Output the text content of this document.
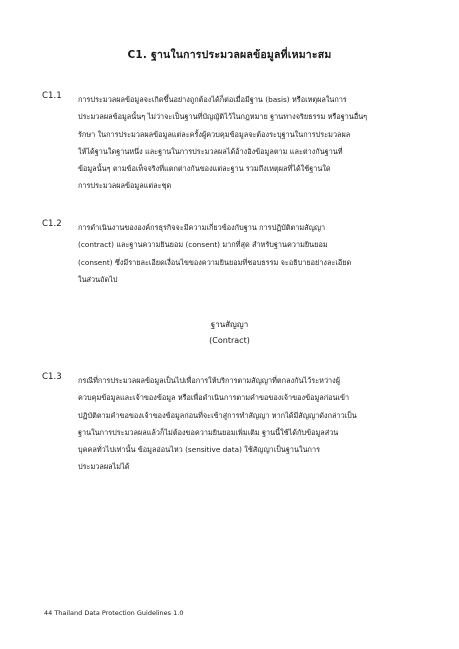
C1. ฐานในการประมวลผลข้อมูลที่เหมาะสม
C1.1 การประมวลผลข้อมูลจะเกิดขึ้นอย่างถูกต้องได้ก็ต่อเมื่อมีฐาน (basis) หรือเหตุผลในการ
ประมวลผลข้อมูลนั้นๆ ไม่ว่าจะเป็นฐานที่บัญญัติไว้ในกฎหมาย ฐานทางจริยธรรม หรือฐานอื่นๆ
รักษา ในการประมวลผลข้อมูลแต่ละครั้งผู้ควบคุมข้อมูลจะต้องระบุฐานในการประมวลผล
ให้ได้ฐานใดฐานหนึ่ง และฐานในการประมวลผลได้อ้างอิงข้อมูลตาม และต่างกันฐานที่
ข้อมูลนั้นๆ ตามข้อเท็จจริงที่แตกต่างกันของแต่ละฐาน รวมถึงเหตุผลที่ได้ใช้ฐานใด
การประมวลผลข้อมูลแต่ละชุด
C1.2 การดำเนินงานขององค์กรธุรกิจจะมีความเกี่ยวข้องกับฐาน การปฏิบัติตามสัญญา
(contract) และฐานความยินยอม (consent) มากที่สุด สำหรับฐานความยินยอม
(consent) ซึ่งมีรายละเอียดเงื่อนไขของความยินยอมที่ชอบธรรม จะอธิบายอย่างละเอียด
ในส่วนถัดไป
ฐานสัญญา
(Contract)
C1.3 กรณีที่การประมวลผลข้อมูลเป็นไปเพื่อการให้บริการตามสัญญาที่ตกลงกันไว้ระหว่างผู้
ควบคุมข้อมูลและเจ้าของข้อมูล หรือเพื่อดำเนินการตามคำขอของเจ้าของข้อมูลก่อนเข้า
ปฏิบัติตามคำขอของเจ้าของข้อมูลก่อนที่จะเข้าสู่การทำสัญญา หากได้มีสัญญาดังกล่าวเป็น
ฐานในการประมวลผลแล้วก็ไม่ต้องขอความยินยอมเพิ่มเติม ฐานนี้ใช้ได้กับข้อมูลส่วน
บุคคลทั่วไปเท่านั้น ข้อมูลอ่อนไหว (sensitive data) ใช้สัญญาเป็นฐานในการ
ประมวลผลไม่ได้
44 Thailand Data Protection Guidelines 1.0
